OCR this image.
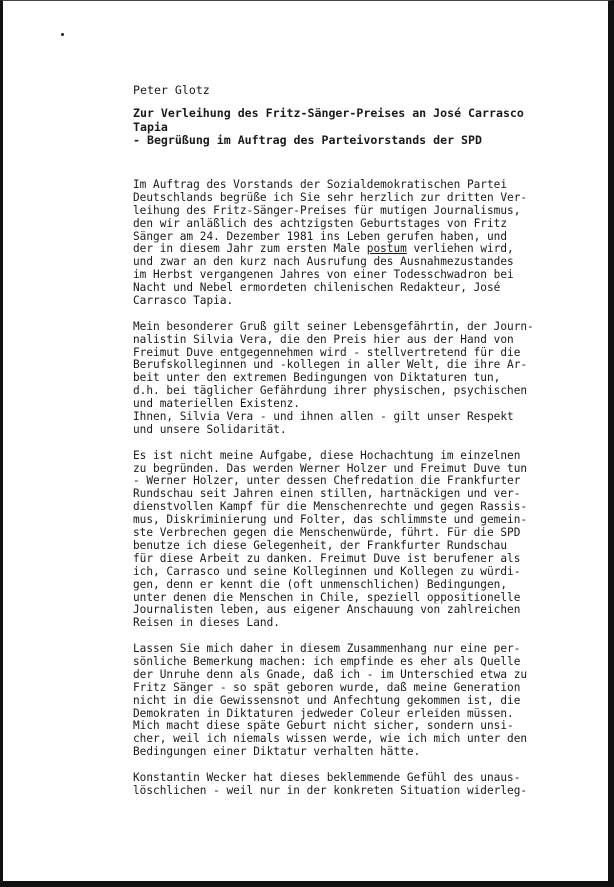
Peter Glotz
Zur Verleihung des Fritz-Sänger-Preises an José Carrasco
Tapia
- Begrüßung im Auftrag des Parteivorstands der SPD
Im Auftrag des Vorstands der Sozialdemokratischen Partei
Deutschlands begrüße ich Sie sehr herzlich zur dritten Ver-
leihung des Fritz-Sänger-Preises für mutigen Journalismus,
den wir anläßlich des achtzigsten Geburtstages von Fritz
Sänger am 24. Dezember 1981 ins Leben gerufen haben, und
der in diesem Jahr zum ersten Male postum verliehen wird,
und zwar an den kurz nach Ausrufung des Ausnahmezustandes
im Herbst vergangenen Jahres von einer Todesschwadron bei
Nacht und Nebel ermordeten chilenischen Redakteur, José
Carrasco Tapia.
Mein besonderer Gruß gilt seiner Lebensgefährtin, der Journ-
nalistin Silvia Vera, die den Preis hier aus der Hand von
Freimut Duve entgegennehmen wird - stellvertretend für die
Berufskolleginnen und -kollegen in aller Welt, die ihre Ar-
beit unter den extremen Bedingungen von Diktaturen tun,
d.h. bei täglicher Gefährdung ihrer physischen, psychischen
und materiellen Existenz.
Ihnen, Silvia Vera - und ihnen allen - gilt unser Respekt
und unsere Solidarität.
Es ist nicht meine Aufgabe, diese Hochachtung im einzelnen
zu begründen. Das werden Werner Holzer und Freimut Duve tun
- Werner Holzer, unter dessen Chefredation die Frankfurter
Rundschau seit Jahren einen stillen, hartnäckigen und ver-
dienstvollen Kampf für die Menschenrechte und gegen Rassis-
mus, Diskriminierung und Folter, das schlimmste und gemein-
ste Verbrechen gegen die Menschenwürde, führt. Für die SPD
benutze ich diese Gelegenheit, der Frankfurter Rundschau
für diese Arbeit zu danken. Freimut Duve ist berufener als
ich, Carrasco und seine Kolleginnen und Kollegen zu würdi-
gen, denn er kennt die (oft unmenschlichen) Bedingungen,
unter denen die Menschen in Chile, speziell oppositionelle
Journalisten leben, aus eigener Anschauung von zahlreichen
Reisen in dieses Land.
Lassen Sie mich daher in diesem Zusammenhang nur eine per-
sönliche Bemerkung machen: ich empfinde es eher als Quelle
der Unruhe denn als Gnade, daß ich - im Unterschied etwa zu
Fritz Sänger - so spät geboren wurde, daß meine Generation
nicht in die Gewissensnot und Anfechtung gekommen ist, die
Demokraten in Diktaturen jedweder Coleur erleiden müssen.
Mich macht diese späte Geburt nicht sicher, sondern unsi-
cher, weil ich niemals wissen werde, wie ich mich unter den
Bedingungen einer Diktatur verhalten hätte.
Konstantin Wecker hat dieses beklemmende Gefühl des unaus-
löschlichen - weil nur in der konkreten Situation widerleg-
